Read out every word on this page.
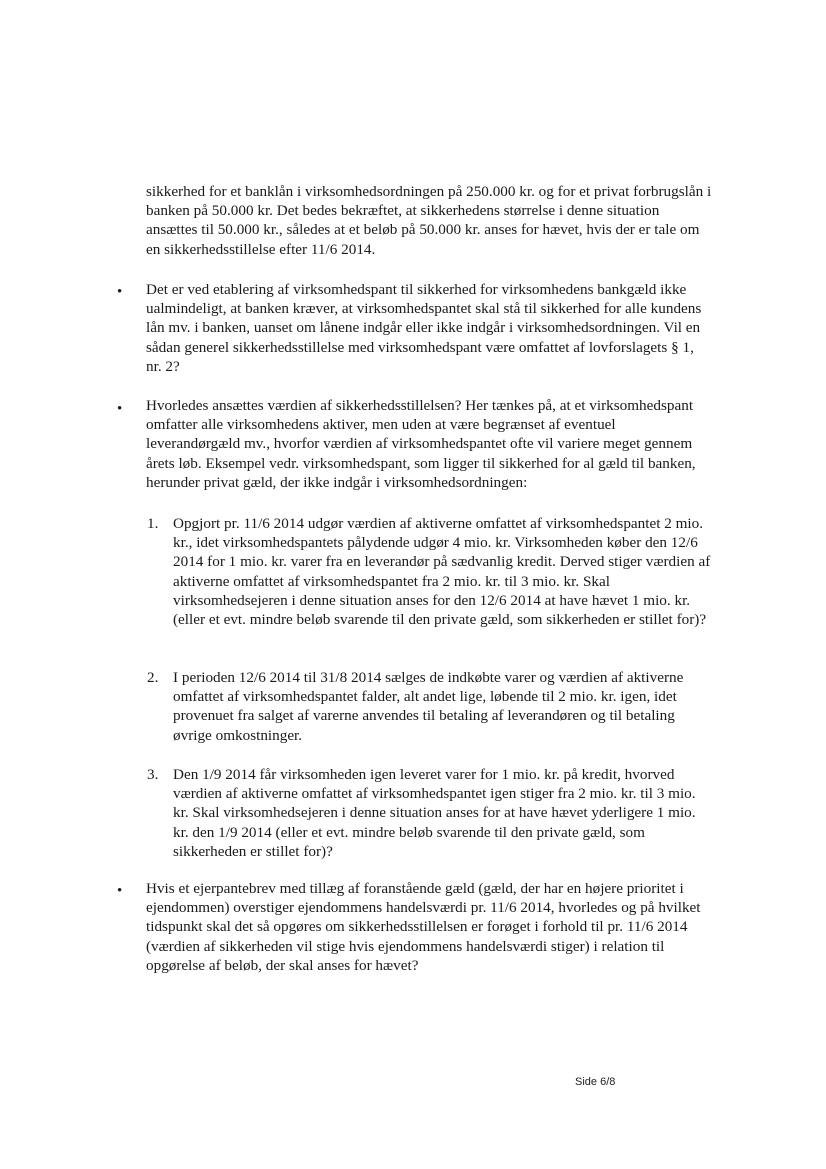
sikkerhed for et banklån i virksomhedsordningen på 250.000 kr. og for et privat forbrugslån i banken på 50.000 kr. Det bedes bekræftet, at sikkerhedens størrelse i denne situation ansættes til 50.000 kr., således at et beløb på 50.000 kr. anses for hævet, hvis der er tale om en sikkerhedsstillelse efter 11/6 2014.

• Det er ved etablering af virksomhedspant til sikkerhed for virksomhedens bankgæld ikke ualmindeligt, at banken kræver, at virksomhedspantet skal stå til sikkerhed for alle kundens lån mv. i banken, uanset om lånene indgår eller ikke indgår i virksomhedsordningen. Vil en sådan generel sikkerhedsstillelse med virksomhedspant være omfattet af lovforslagets § 1, nr. 2?

• Hvorledes ansættes værdien af sikkerhedsstillelsen? Her tænkes på, at et virksomhedspant omfatter alle virksomhedens aktiver, men uden at være begrænset af eventuel leverandørgæld mv., hvorfor værdien af virksomhedspantet ofte vil variere meget gennem årets løb. Eksempel vedr. virksomhedspant, som ligger til sikkerhed for al gæld til banken, herunder privat gæld, der ikke indgår i virksomhedsordningen:

1. Opgjort pr. 11/6 2014 udgør værdien af aktiverne omfattet af virksomhedspantet 2 mio. kr., idet virksomhedspantets pålydende udgør 4 mio. kr. Virksomheden køber den 12/6 2014 for 1 mio. kr. varer fra en leverandør på sædvanlig kredit. Derved stiger værdien af aktiverne omfattet af virksomhedspantet fra 2 mio. kr. til 3 mio. kr. Skal virksomhedsejeren i denne situation anses for den 12/6 2014 at have hævet 1 mio. kr. (eller et evt. mindre beløb svarende til den private gæld, som sikkerheden er stillet for)?

2. I perioden 12/6 2014 til 31/8 2014 sælges de indkøbte varer og værdien af aktiverne omfattet af virksomhedspantet falder, alt andet lige, løbende til 2 mio. kr. igen, idet provenuet fra salget af varerne anvendes til betaling af leverandøren og til betaling øvrige omkostninger.

3. Den 1/9 2014 får virksomheden igen leveret varer for 1 mio. kr. på kredit, hvorved værdien af aktiverne omfattet af virksomhedspantet igen stiger fra 2 mio. kr. til 3 mio. kr. Skal virksomhedsejeren i denne situation anses for at have hævet yderligere 1 mio. kr. den 1/9 2014 (eller et evt. mindre beløb svarende til den private gæld, som sikkerheden er stillet for)?

• Hvis et ejerpantebrev med tillæg af foranstående gæld (gæld, der har en højere prioritet i ejendommen) overstiger ejendommens handelsværdi pr. 11/6 2014, hvorledes og på hvilket tidspunkt skal det så opgøres om sikkerhedsstillelsen er forøget i forhold til pr. 11/6 2014 (værdien af sikkerheden vil stige hvis ejendommens handelsværdi stiger) i relation til opgørelse af beløb, der skal anses for hævet?

Side 6/8
